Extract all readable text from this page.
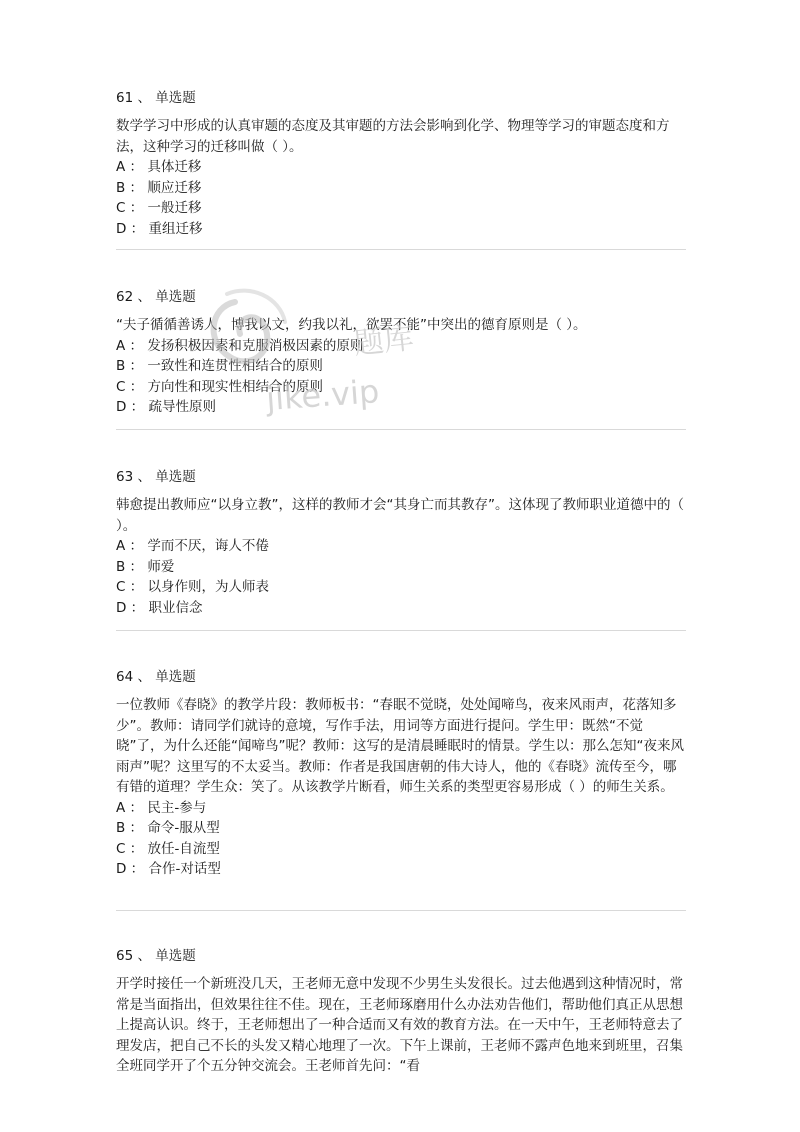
61 、 单选题

数学学习中形成的认真审题的态度及其审题的方法会影响到化学、物理等学习的审题态度和方法，这种学习的迁移叫做（ ）。

A ： 具体迁移
B ： 顺应迁移
C ： 一般迁移
D ： 重组迁移
62 、 单选题

“夫子循循善诱人，博我以文，约我以礼，欲罢不能”中突出的德育原则是（ ）。

A ： 发扬积极因素和克服消极因素的原则
B ： 一致性和连贯性相结合的原则
C ： 方向性和现实性相结合的原则
D ： 疏导性原则
63 、 单选题

韩愈提出教师应“以身立教”，这样的教师才会“其身亡而其教存”。这体现了教师职业道德中的（ ）。

A ： 学而不厌，诲人不倦
B ： 师爱
C ： 以身作则，为人师表
D ： 职业信念
64 、 单选题

一位教师《春晓》的教学片段：教师板书：“春眠不觉晓，处处闻啼鸟，夜来风雨声，花落知多少”。教师：请同学们就诗的意境，写作手法，用词等方面进行提问。学生甲：既然“不觉晓”了，为什么还能“闻啼鸟”呢？教师：这写的是清晨睡眠时的情景。学生以：那么怎知“夜来风雨声”呢？这里写的不太妥当。教师：作者是我国唐朝的伟大诗人，他的《春晓》流传至今，哪有错的道理？学生众：笑了。从该教学片断看，师生关系的类型更容易形成（ ）的师生关系。

A ： 民主-参与
B ： 命令-服从型
C ： 放任-自流型
D ： 合作-对话型
65 、 单选题

开学时接任一个新班没几天，王老师无意中发现不少男生头发很长。过去他遇到这种情况时，常常是当面指出，但效果往往不佳。现在，王老师琢磨用什么办法劝告他们，帮助他们真正从思想上提高认识。终于，王老师想出了一种合适而又有效的教育方法。在一天中午，王老师特意去了理发店，把自己不长的头发又精心地理了一次。下午上课前，王老师不露声色地来到班里，召集全班同学开了个五分钟交流会。王老师首先问：“看

题库
jike.vip
